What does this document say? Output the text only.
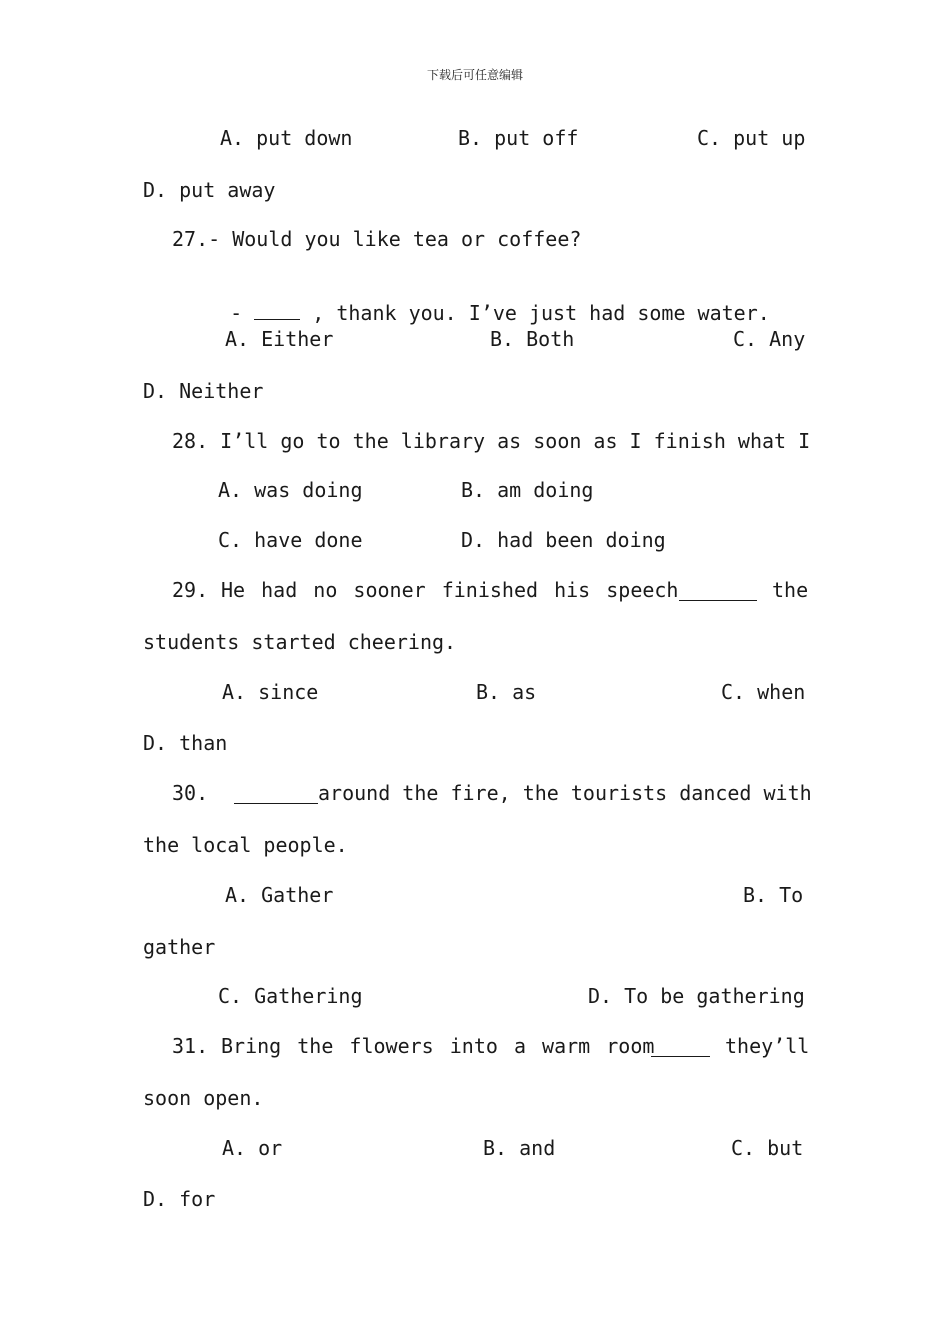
下载后可任意编辑
A. put down	B. put off	C. put up
D. put away
27.- Would you like tea or coffee?

-	, thank you. I’ve just had some water.

A. Either	B. Both	C. Any
D. Neither
28. I’ll go to the library as soon as I finish what I
A. was doing	B. am doing
C. have done	D. had been doing
29. He had no sooner finished his speech	the
students started cheering.
A. since	B. as	C. when
D. than
30.	around the fire, the tourists danced with
the local people.
A. Gather	B. To
gather
C. Gathering	D. To be gathering
31. Bring the flowers into a warm room	they’ll
soon open.
A. or	B. and	C. but
D. for
